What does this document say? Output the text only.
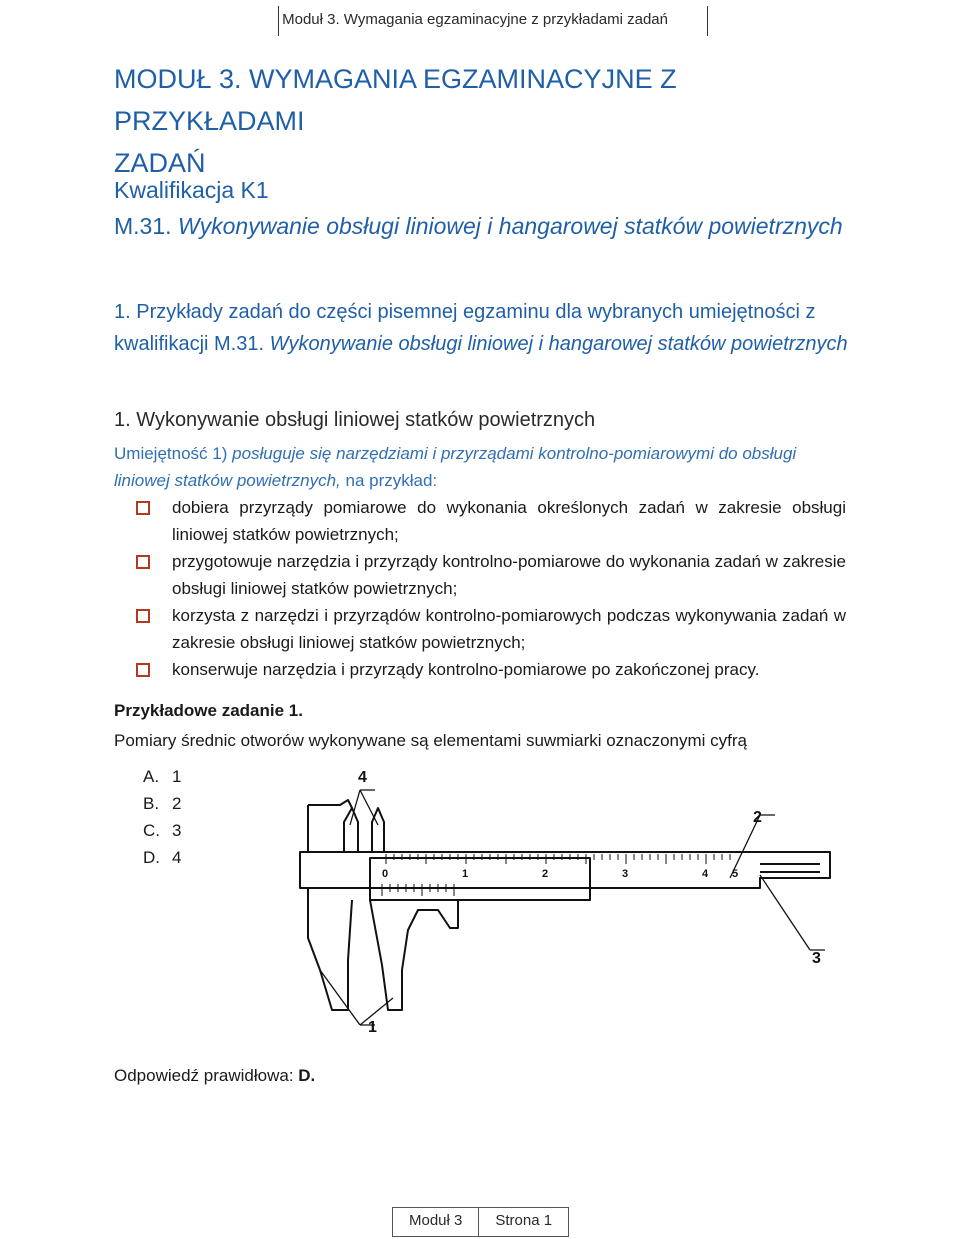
Moduł 3. Wymagania egzaminacyjne z przykładami zadań
MODUŁ 3. WYMAGANIA EGZAMINACYJNE Z PRZYKŁADAMI
ZADAŃ
Kwalifikacja K1
M.31. Wykonywanie obsługi liniowej i hangarowej statków powietrznych
1. Przykłady zadań do części pisemnej egzaminu dla wybranych umiejętności z kwalifikacji M.31. Wykonywanie obsługi liniowej i hangarowej statków powietrznych
1. Wykonywanie obsługi liniowej statków powietrznych
Umiejętność 1) posługuje się narzędziami i przyrządami kontrolno-pomiarowymi do obsługi liniowej statków powietrznych, na przykład:
dobiera przyrządy pomiarowe do wykonania określonych zadań w zakresie obsługi liniowej statków powietrznych;
przygotowuje narzędzia i przyrządy kontrolno-pomiarowe do wykonania zadań w zakresie obsługi liniowej statków powietrznych;
korzysta z narzędzi i przyrządów kontrolno-pomiarowych podczas wykonywania zadań w zakresie obsługi liniowej statków powietrznych;
konserwuje narzędzia i przyrządy kontrolno-pomiarowe po zakończonej pracy.
Przykładowe zadanie 1.
Pomiary średnic otworów wykonywane są elementami suwmiarki oznaczonymi cyfrą
A. 1
B. 2
C. 3
D. 4
0	1	2	3	4 5
4
2
3
1
Odpowiedź prawidłowa: D.
Moduł 3	Strona 1
